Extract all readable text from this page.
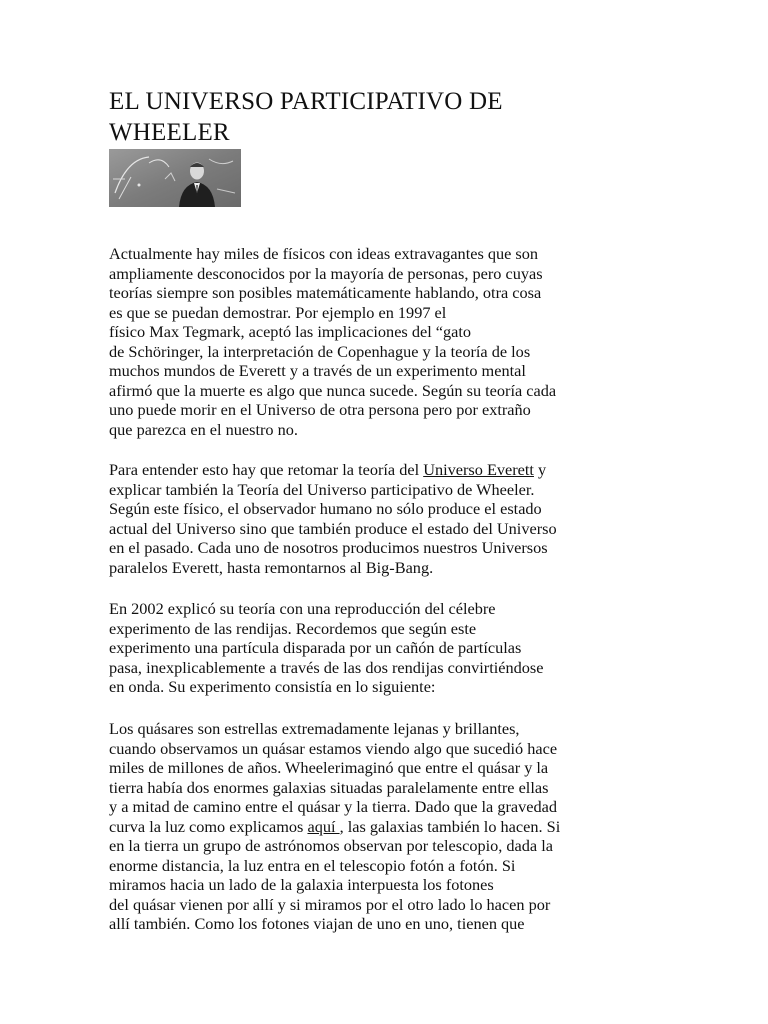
EL UNIVERSO PARTICIPATIVO DE
WHEELER

Actualmente hay miles de físicos con ideas extravagantes que son
ampliamente desconocidos por la mayoría de personas, pero cuyas
teorías siempre son posibles matemáticamente hablando, otra cosa
es que se puedan demostrar. Por ejemplo en 1997 el
físico Max Tegmark, aceptó las implicaciones del “gato
de Schöringer, la interpretación de Copenhague y la teoría de los
muchos mundos de Everett y a través de un experimento mental
afirmó que la muerte es algo que nunca sucede. Según su teoría cada
uno puede morir en el Universo de otra persona pero por extraño
que parezca en el nuestro no.

Para entender esto hay que retomar la teoría del Universo Everett y
explicar también la Teoría del Universo participativo de Wheeler.
Según este físico, el observador humano no sólo produce el estado
actual del Universo sino que también produce el estado del Universo
en el pasado. Cada uno de nosotros producimos nuestros Universos
paralelos Everett, hasta remontarnos al Big-Bang.

En 2002 explicó su teoría con una reproducción del célebre
experimento de las rendijas. Recordemos que según este
experimento una partícula disparada por un cañón de partículas
pasa, inexplicablemente a través de las dos rendijas convirtiéndose
en onda. Su experimento consistía en lo siguiente:

Los quásares son estrellas extremadamente lejanas y brillantes,
cuando observamos un quásar estamos viendo algo que sucedió hace
miles de millones de años. Wheelerimaginó que entre el quásar y la
tierra había dos enormes galaxias situadas paralelamente entre ellas
y a mitad de camino entre el quásar y la tierra. Dado que la gravedad
curva la luz como explicamos aquí , las galaxias también lo hacen. Si
en la tierra un grupo de astrónomos observan por telescopio, dada la
enorme distancia, la luz entra en el telescopio fotón a fotón. Si
miramos hacia un lado de la galaxia interpuesta los fotones
del quásar vienen por allí y si miramos por el otro lado lo hacen por
allí también. Como los fotones viajan de uno en uno, tienen que
